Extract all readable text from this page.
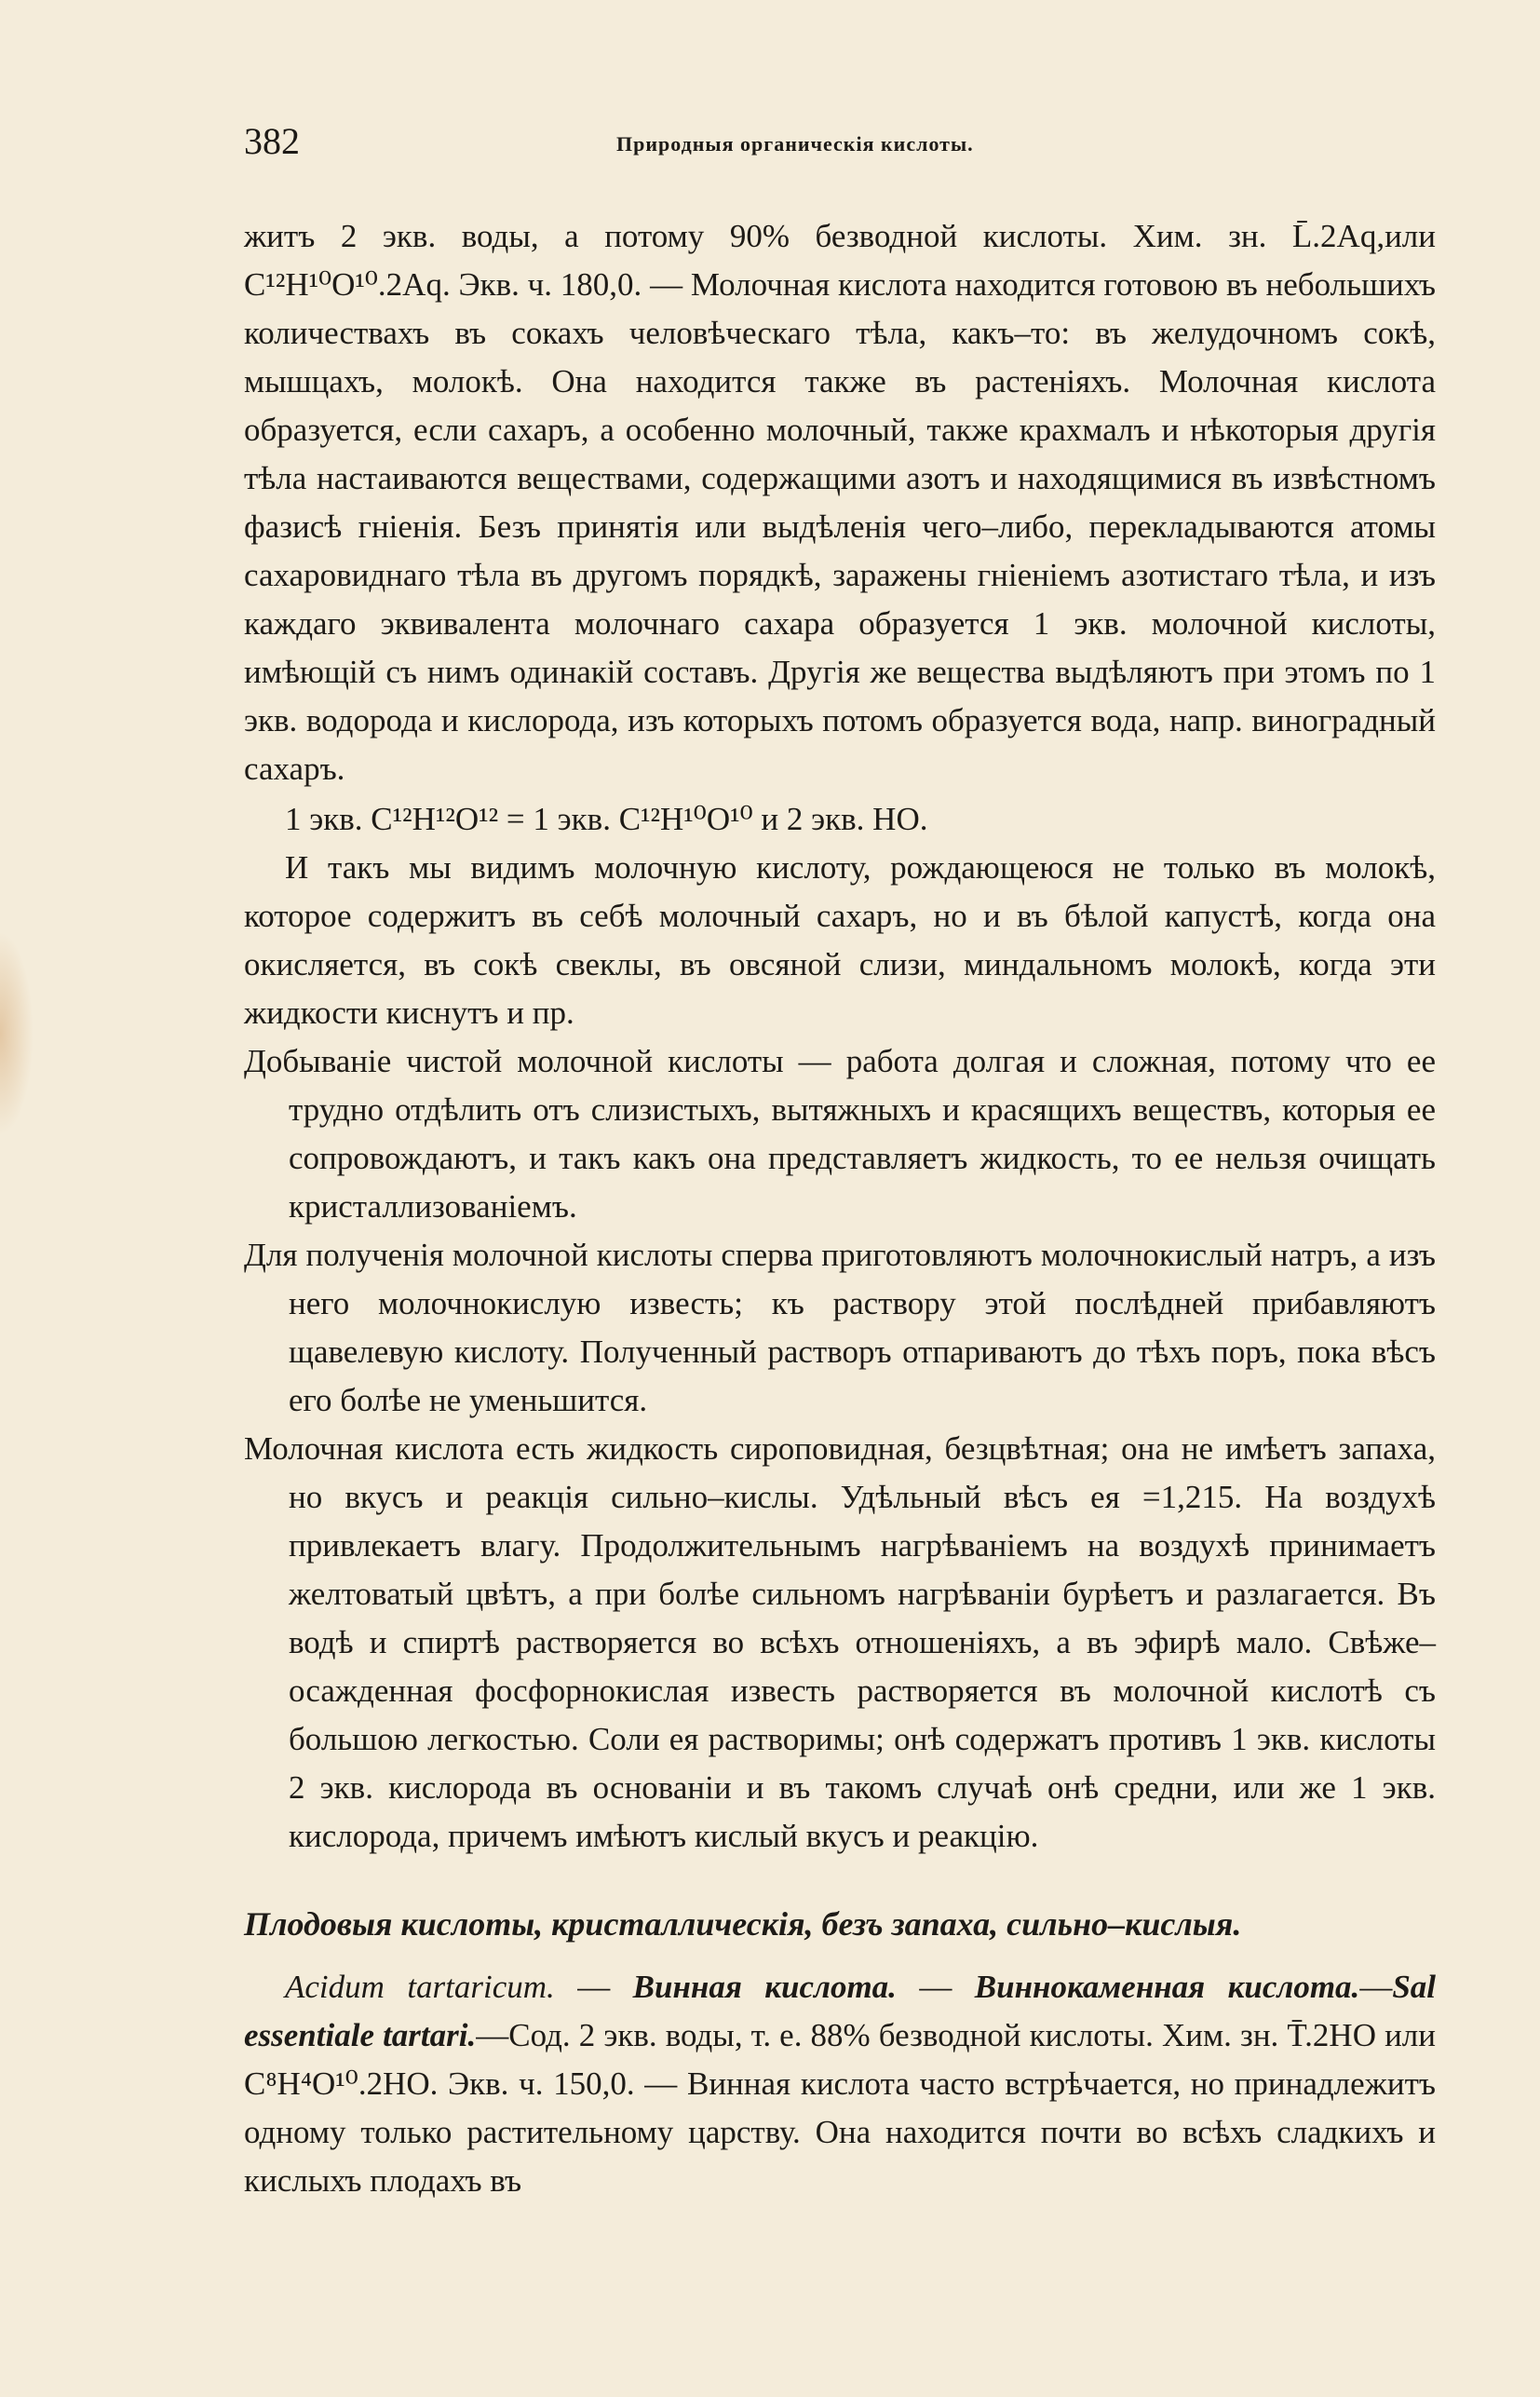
382	Природныя органическія кислоты.

житъ 2 экв. воды, а потому 90% безводной кислоты. Хим. зн. L̄.2Aq,или C¹²H¹⁰O¹⁰.2Aq. Экв. ч. 180,0. — Молочная кислота находится готовою въ небольшихъ количествахъ въ сокахъ человѣческаго тѣла, какъ–то: въ желудочномъ сокѣ, мышцахъ, молокѣ. Она находится также въ растеніяхъ. Молочная кислота образуется, если сахаръ, а особенно молочный, также крахмалъ и нѣкоторыя другія тѣла настаиваются веществами, содержащими азотъ и находящимися въ извѣстномъ фазисѣ гніенія. Безъ принятія или выдѣленія чего–либо, перекладываются атомы сахаровиднаго тѣла въ другомъ порядкѣ, заражены гніеніемъ азотистаго тѣла, и изъ каждаго эквивалента молочнаго сахара образуется 1 экв. молочной кислоты, имѣющій съ нимъ одинакій составъ. Другія же вещества выдѣляютъ при этомъ по 1 экв. водорода и кислорода, изъ которыхъ потомъ образуется вода, напр. виноградный сахаръ.

1 экв. C¹²H¹²O¹² = 1 экв. C¹²H¹⁰O¹⁰ и 2 экв. HO.

И такъ мы видимъ молочную кислоту, рождающеюся не только въ молокѣ, которое содержитъ въ себѣ молочный сахаръ, но и въ бѣлой капустѣ, когда она окисляется, въ сокѣ свеклы, въ овсяной слизи, миндальномъ молокѣ, когда эти жидкости киснутъ и пр.

Добываніе чистой молочной кислоты — работа долгая и сложная, потому что ее трудно отдѣлить отъ слизистыхъ, вытяжныхъ и красящихъ веществъ, которыя ее сопровождаютъ, и такъ какъ она представляетъ жидкость, то ее нельзя очищать кристаллизованіемъ.

Для полученія молочной кислоты сперва приготовляютъ молочнокислый натръ, а изъ него молочнокислую известь; къ раствору этой послѣдней прибавляютъ щавелевую кислоту. Полученный растворъ отпариваютъ до тѣхъ поръ, пока вѣсъ его болѣе не уменьшится.

Молочная кислота есть жидкость сиропов​идная, безцвѣтная; она не имѣетъ запаха, но вкусъ и реакція сильно–кислы. Удѣльный вѣсъ ея =1,215. На воздухѣ привлекаетъ влагу. Продолжительнымъ нагрѣваніемъ на воздухѣ принимаетъ желтоватый цвѣтъ, а при болѣе сильномъ нагрѣваніи бурѣетъ и разлагается. Въ водѣ и спиртѣ растворяется во всѣхъ отношеніяхъ, а въ эфирѣ мало. Свѣже–осажденная фосфорнокислая известь растворяется въ молочной кислотѣ съ большою легкостью. Соли ея растворимы; онѣ содержатъ противъ 1 экв. кислоты 2 экв. кислорода въ основаніи и въ такомъ случаѣ онѣ средни, или же 1 экв. кислорода, причемъ имѣютъ кислый вкусъ и реакцію.

Плодовыя кислоты, кристаллическія, безъ запаха, сильно–кислыя.

Acidum tartaricum. — Винная кислота. — Виннокаменная кислота.—Sal essentiale tartari.—Сод. 2 экв. воды, т. е. 88% безводной кислоты. Хим. зн. T̄.2HO или C⁸H⁴O¹⁰.2HO. Экв. ч. 150,0. — Винная кислота часто встрѣчается, но принадлежитъ одному только растительному царству. Она находится почти во всѣхъ сладкихъ и кислыхъ плодахъ въ
